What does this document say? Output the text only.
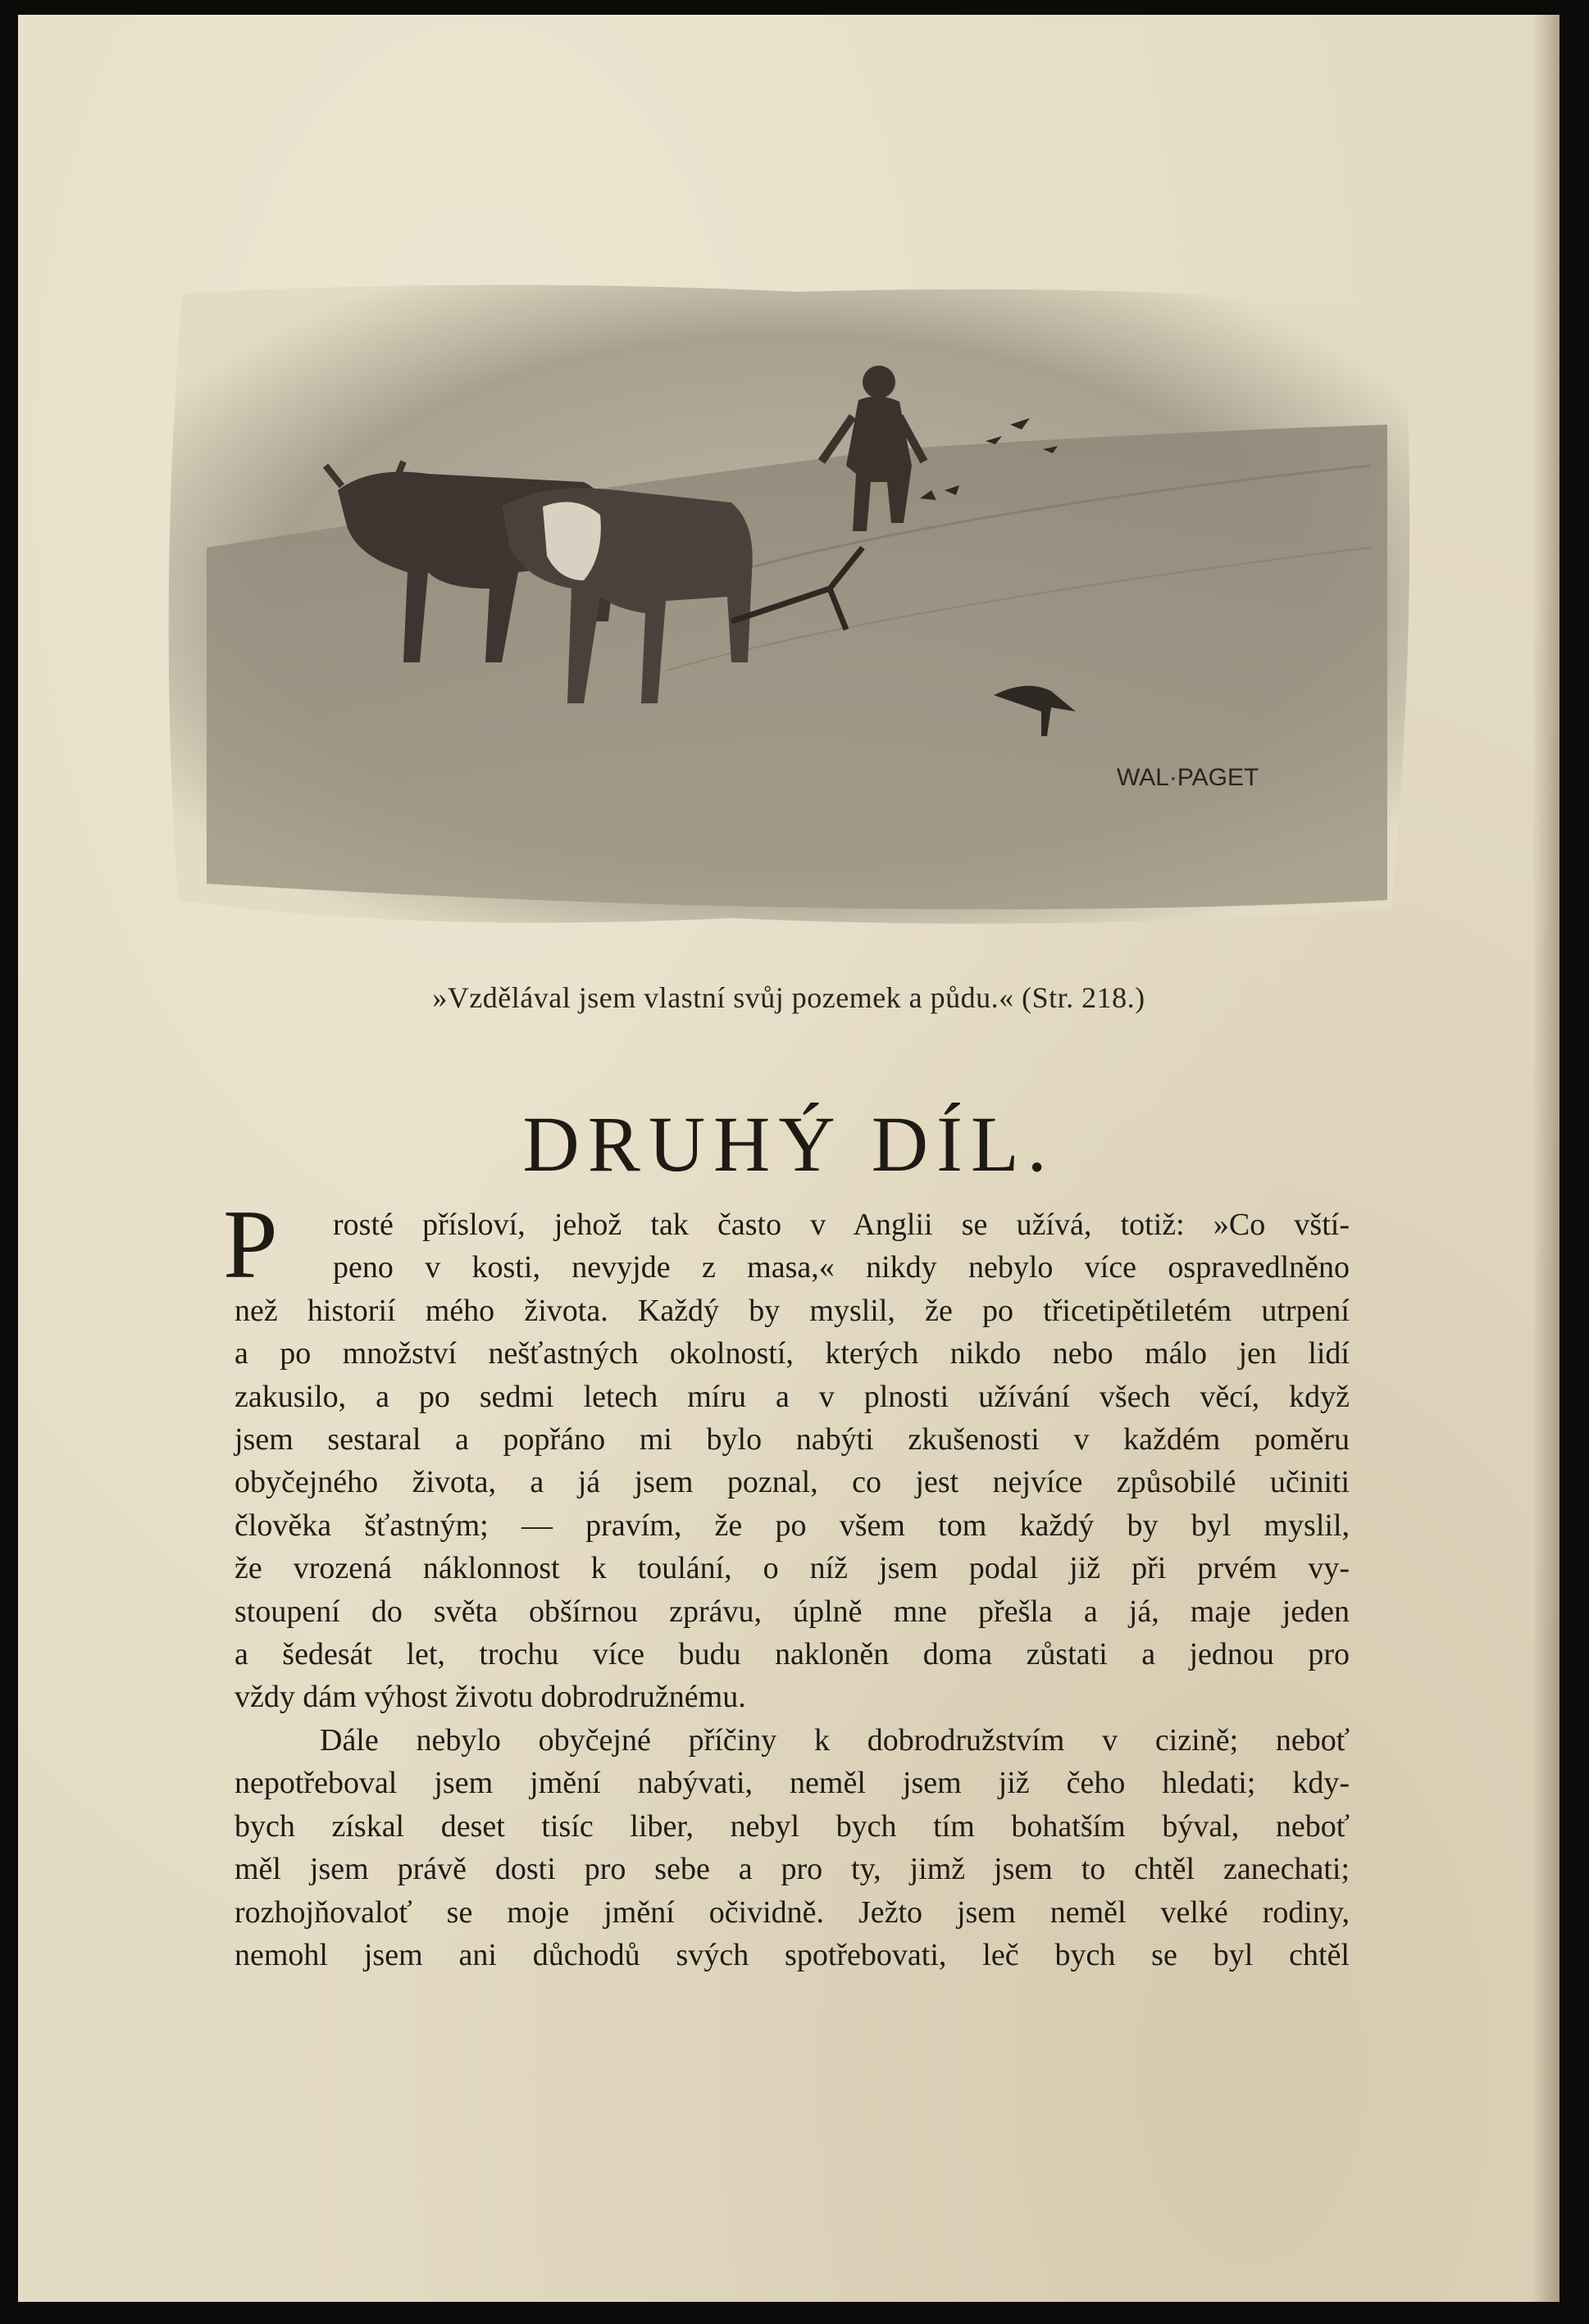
WAL·PAGET
»Vzdělával jsem vlastní svůj pozemek a půdu.« (Str. 218.)
DRUHÝ DÍL.
P	rosté přísloví, jehož tak často v Anglii se užívá, totiž: »Co vští-
peno v kosti, nevyjde z masa,« nikdy nebylo více ospravedlněno
než historií mého života. Každý by myslil, že po třicetipětiletém utrpení
a po množství nešťastných okolností, kterých nikdo nebo málo jen lidí
zakusilo, a po sedmi letech míru a v plnosti užívání všech věcí, když
jsem sestaral a popřáno mi bylo nabýti zkušenosti v každém poměru
obyčejného života, a já jsem poznal, co jest nejvíce způsobilé učiniti
člověka šťastným; — pravím, že po všem tom každý by byl myslil,
že vrozená náklonnost k toulání, o níž jsem podal již při prvém vy-
stoupení do světa obšírnou zprávu, úplně mne přešla a já, maje jeden
a šedesát let, trochu více budu nakloněn doma zůstati a jednou pro
vždy dám výhost životu dobrodružnému.
Dále nebylo obyčejné příčiny k dobrodružstvím v cizině; neboť
nepotřeboval jsem jmění nabývati, neměl jsem již čeho hledati; kdy-
bych získal deset tisíc liber, nebyl bych tím bohatším býval, neboť
měl jsem právě dosti pro sebe a pro ty, jimž jsem to chtěl zanechati;
rozhojňovaloť se moje jmění očividně. Ježto jsem neměl velké rodiny,
nemohl jsem ani důchodů svých spotřebovati, leč bych se byl chtěl
